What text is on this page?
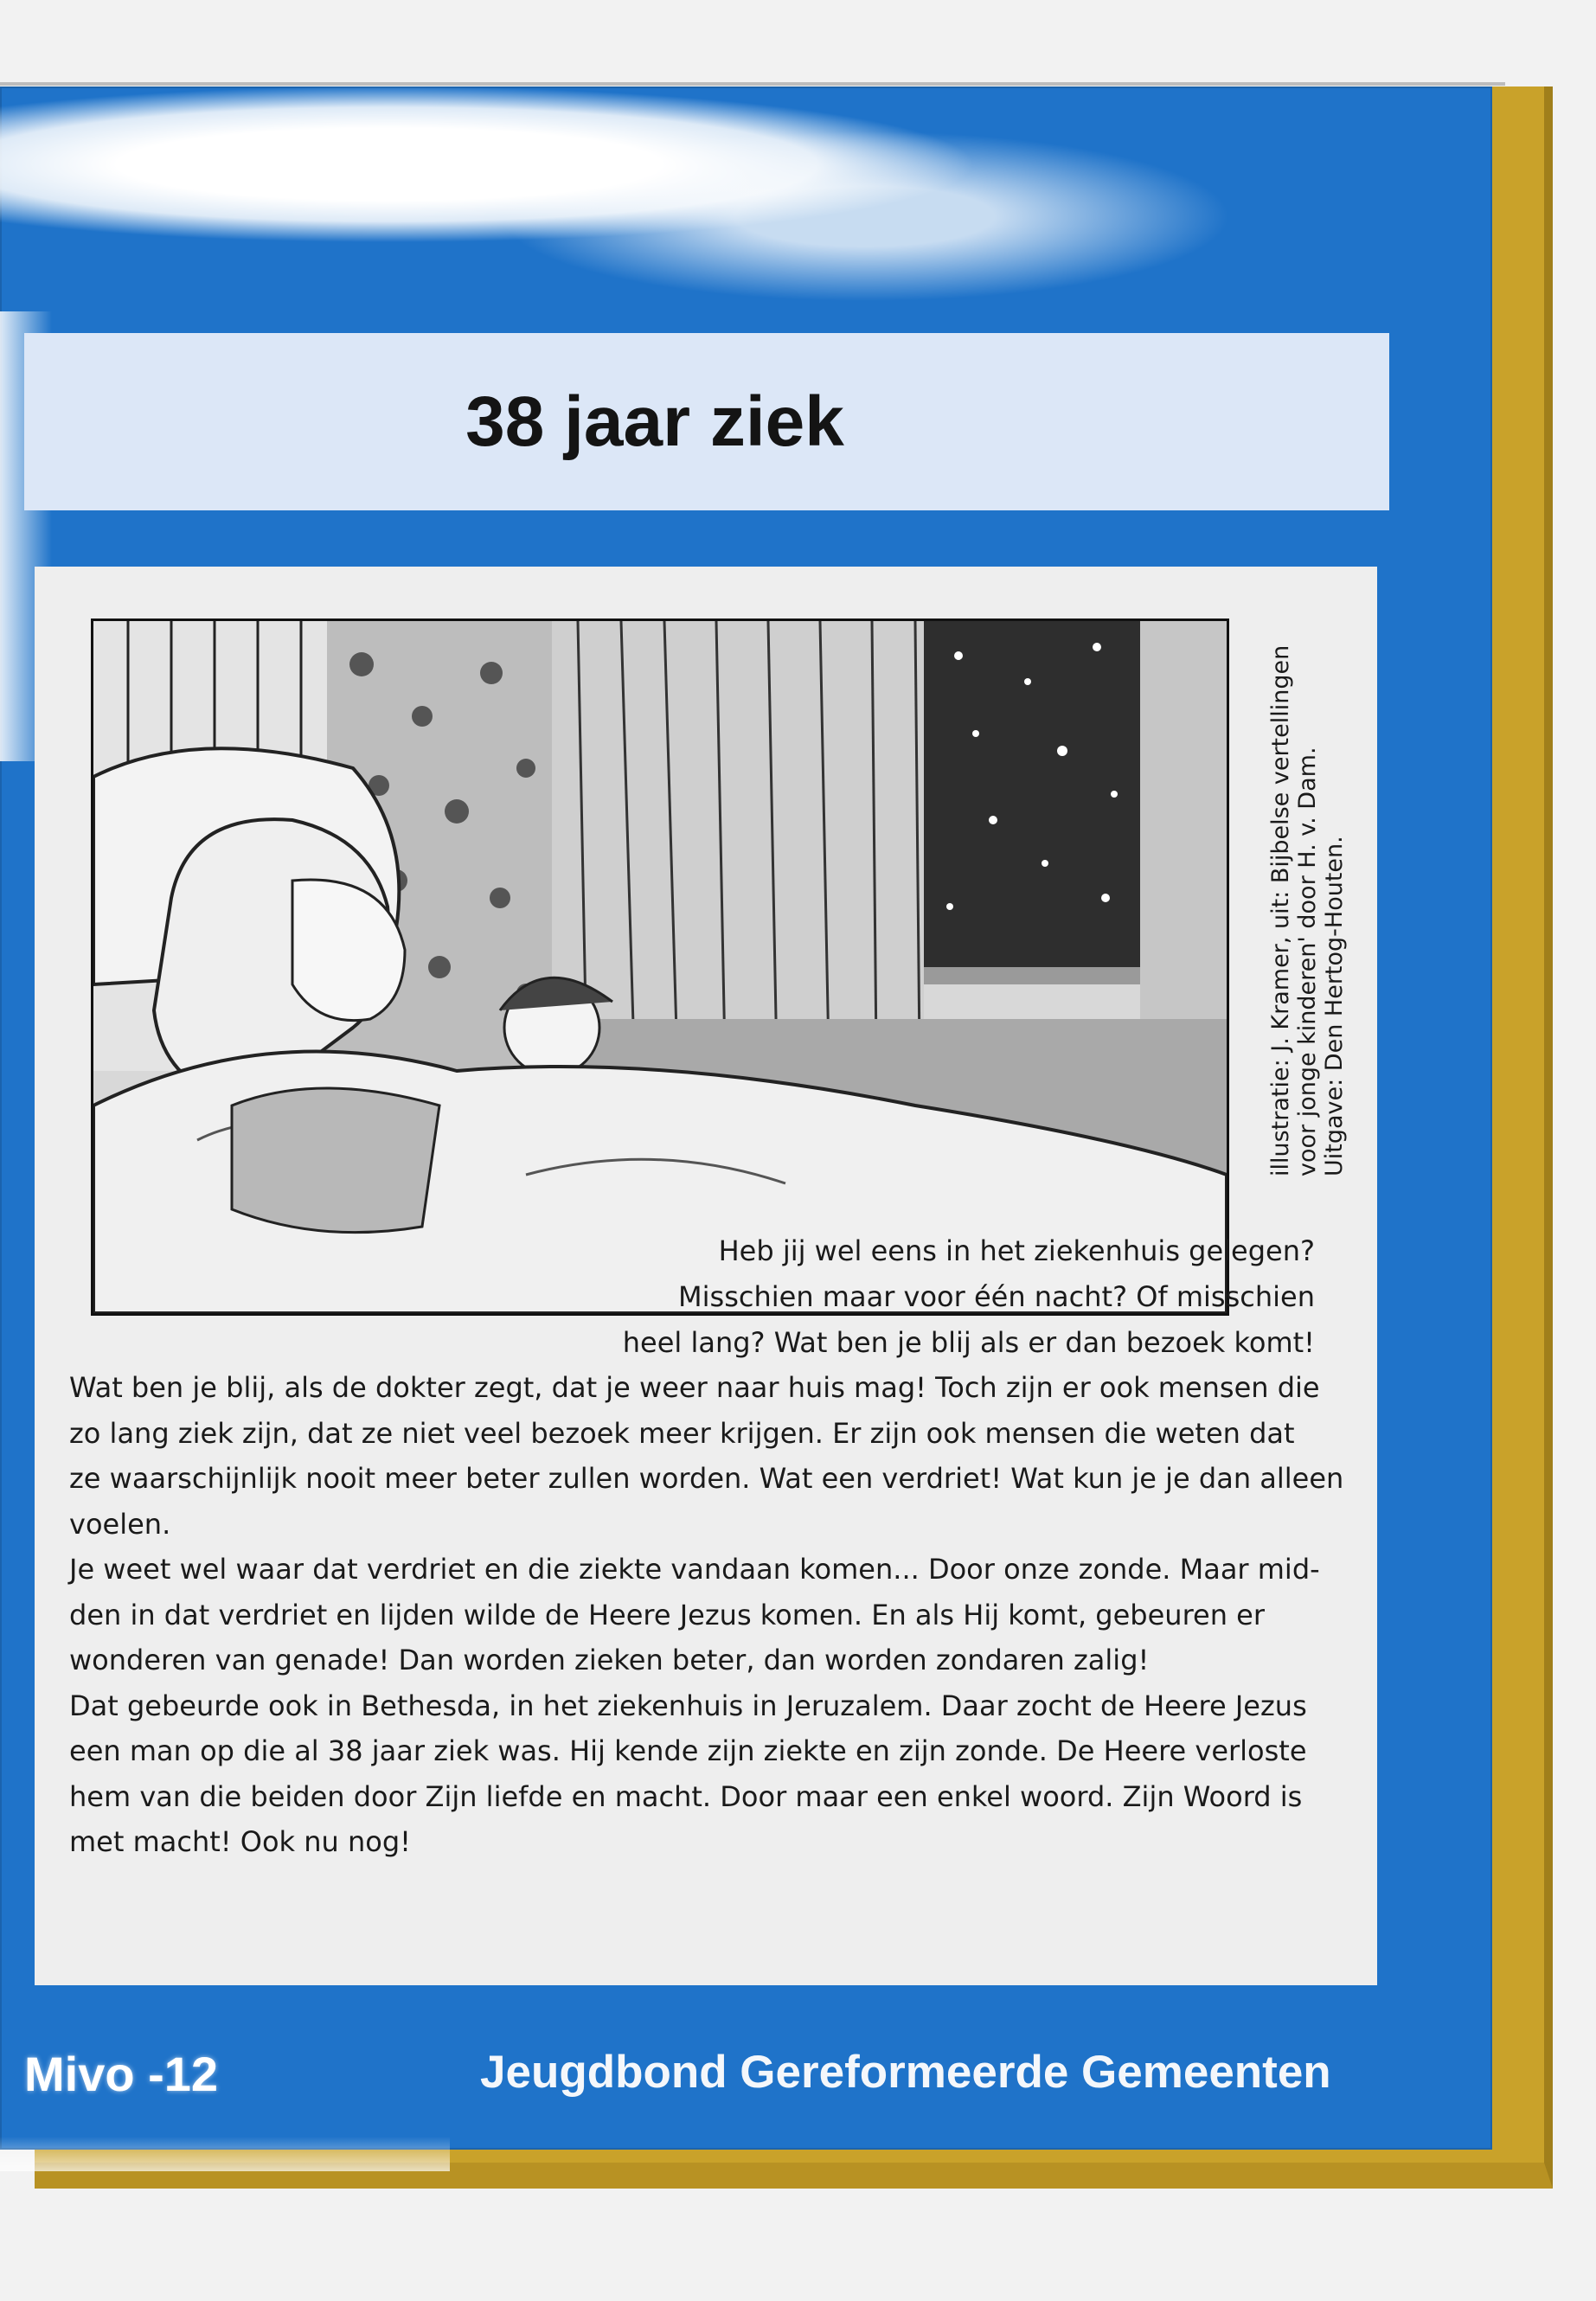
38 jaar ziek
illustratie: J. Kramer, uit: Bijbelse vertellingen voor jonge kinderen' door H. v. Dam. Uitgave: Den Hertog-Houten.
Heb jij wel eens in het ziekenhuis gelegen?
Misschien maar voor één nacht? Of misschien
heel lang? Wat ben je blij als er dan bezoek komt!
Wat ben je blij, als de dokter zegt, dat je weer naar huis mag! Toch zijn er ook mensen die
zo lang ziek zijn, dat ze niet veel bezoek meer krijgen. Er zijn ook mensen die weten dat
ze waarschijnlijk nooit meer beter zullen worden. Wat een verdriet! Wat kun je je dan alleen
voelen.
Je weet wel waar dat verdriet en die ziekte vandaan komen... Door onze zonde. Maar mid-
den in dat verdriet en lijden wilde de Heere Jezus komen. En als Hij komt, gebeuren er
wonderen van genade! Dan worden zieken beter, dan worden zondaren zalig!
Dat gebeurde ook in Bethesda, in het ziekenhuis in Jeruzalem. Daar zocht de Heere Jezus
een man op die al 38 jaar ziek was. Hij kende zijn ziekte en zijn zonde. De Heere verloste
hem van die beiden door Zijn liefde en macht. Door maar een enkel woord. Zijn Woord is
met macht! Ook nu nog!
Mivo -12	Jeugdbond Gereformeerde Gemeenten
